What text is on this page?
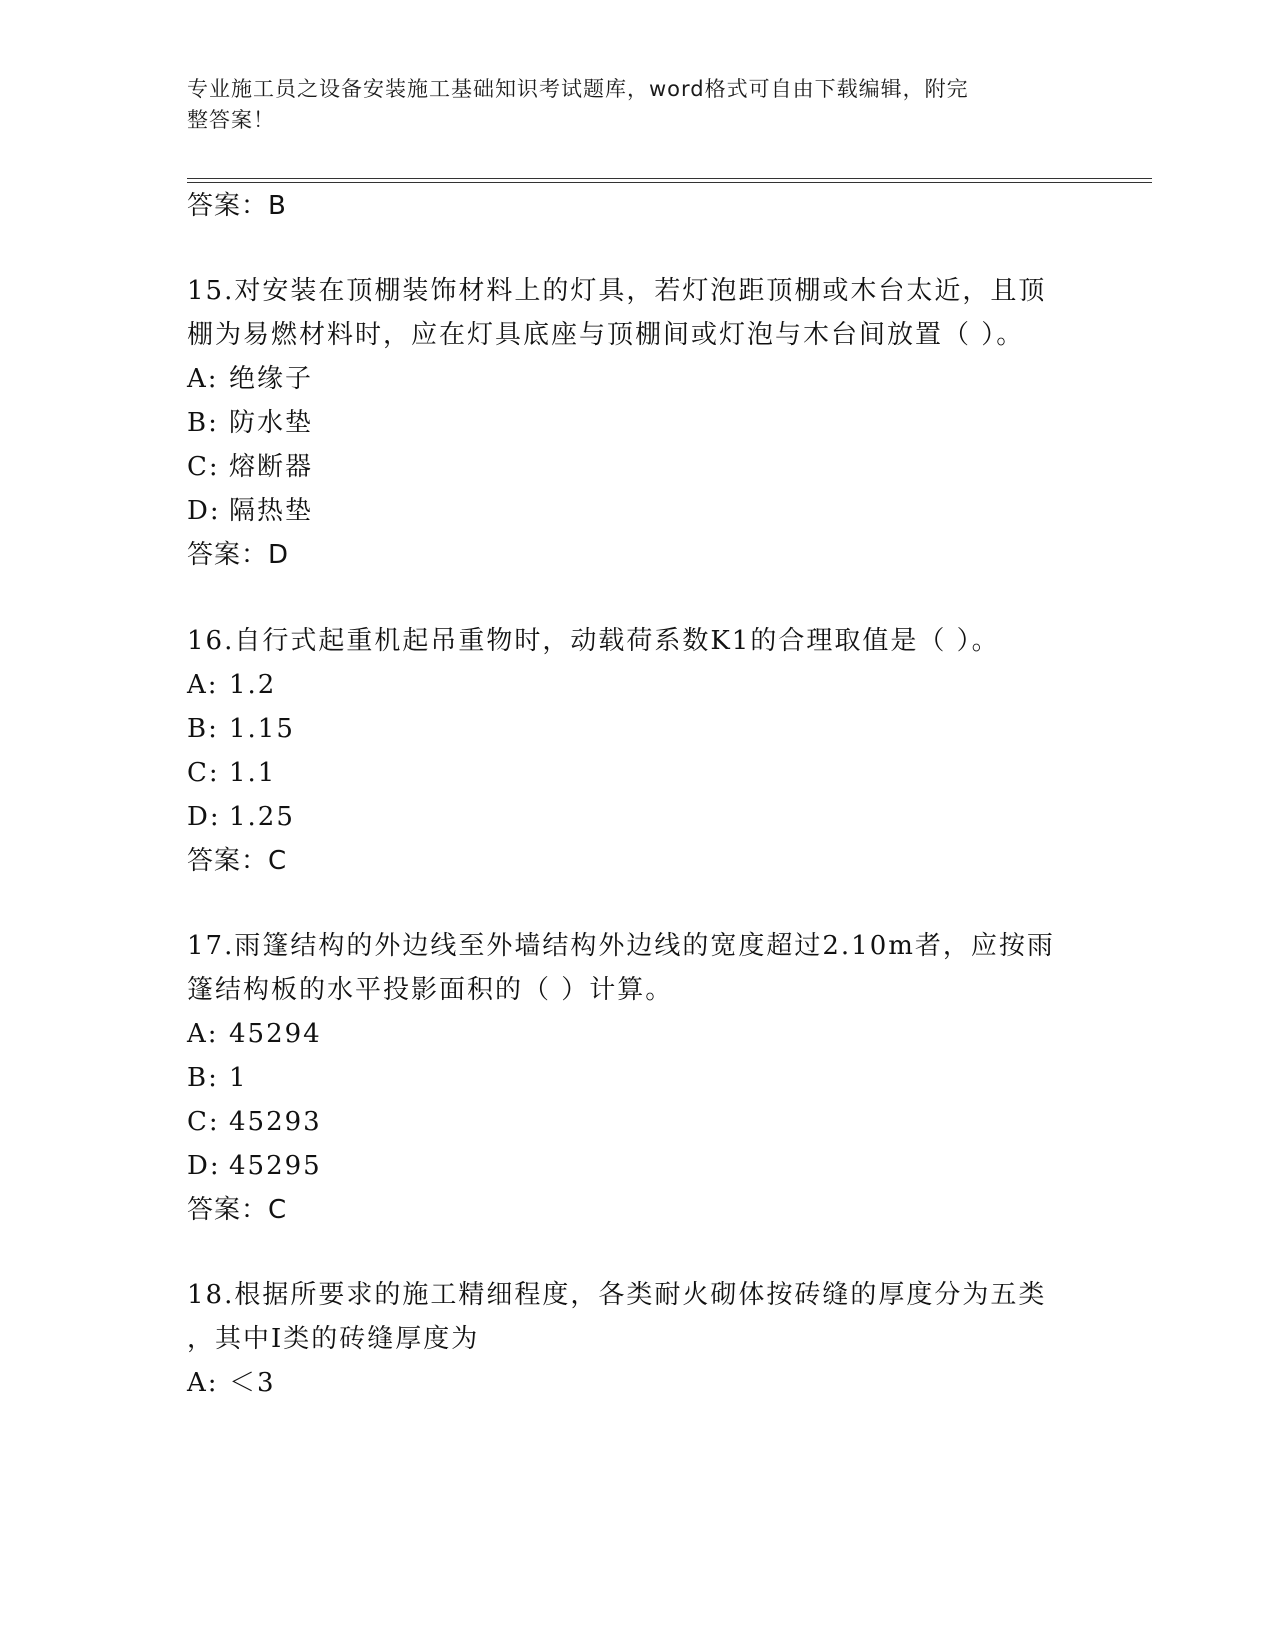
专业施工员之设备安装施工基础知识考试题库，word格式可自由下载编辑，附完
整答案！
答案：B
15.对安装在顶棚装饰材料上的灯具，若灯泡距顶棚或木台太近，且顶
棚为易燃材料时，应在灯具底座与顶棚间或灯泡与木台间放置（ ）。
A: 绝缘子
B: 防水垫
C: 熔断器
D: 隔热垫
答案：D
16.自行式起重机起吊重物时，动载荷系数K1的合理取值是（ ）。
A: 1.2
B: 1.15
C: 1.1
D: 1.25
答案：C
17.雨篷结构的外边线至外墙结构外边线的宽度超过2.10m者，应按雨
篷结构板的水平投影面积的（ ）计算。
A: 45294
B: 1
C: 45293
D: 45295
答案：C
18.根据所要求的施工精细程度，各类耐火砌体按砖缝的厚度分为五类
，其中I类的砖缝厚度为
A: ＜3
